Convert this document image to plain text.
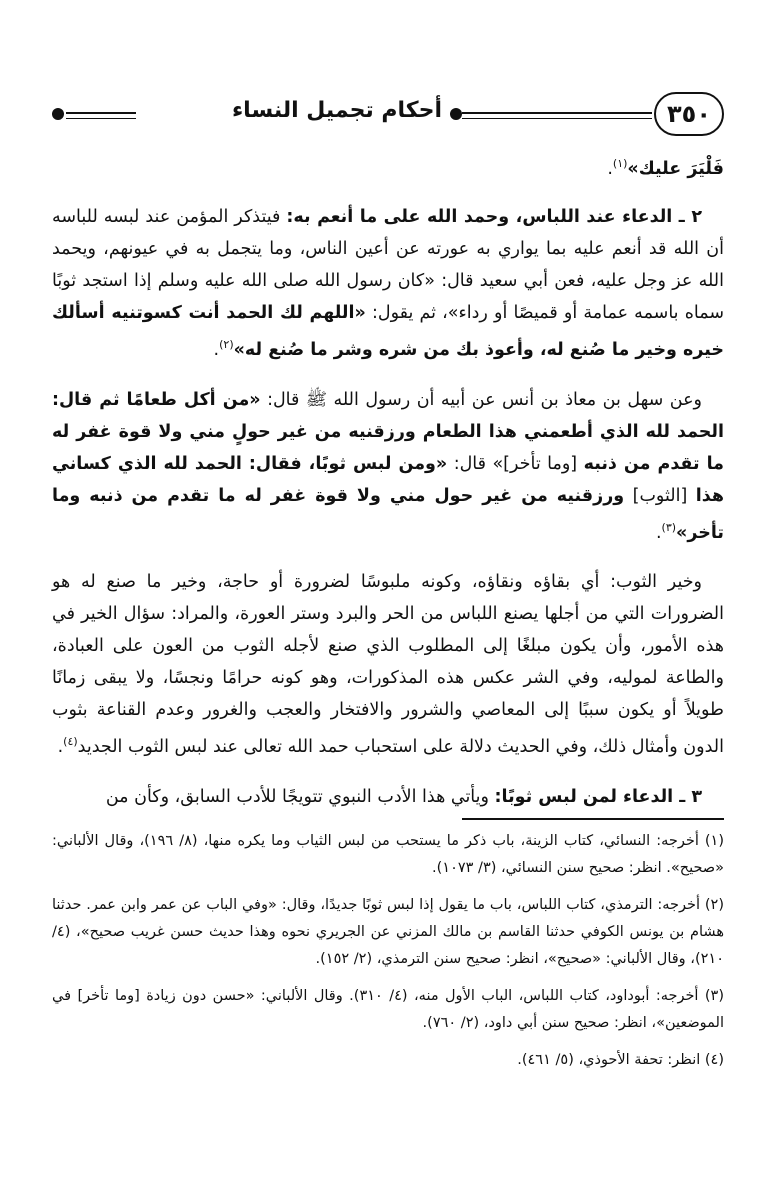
٣٥٠
أحكام تجميل النساء

فَلْيَرَ عليك»$^{(١)}$.

٢ ـ الدعاء عند اللباس، وحمد الله على ما أنعم به: فيتذكر المؤمن عند لبسه للباسه أن الله قد أنعم عليه بما يواري به عورته عن أعين الناس، وما يتجمل به في عيونهم، ويحمد الله عز وجل عليه، فعن أبي سعيد قال: «كان رسول الله صلى الله عليه وسلم إذا استجد ثوبًا سماه باسمه عمامة أو قميصًا أو رداء»، ثم يقول: «اللهم لك الحمد أنت كسوتنيه أسألك خيره وخير ما صُنع له، وأعوذ بك من شره وشر ما صُنع له»$^{(٢)}$.

وعن سهل بن معاذ بن أنس عن أبيه أن رسول الله ﷺ قال: «من أكل طعامًا ثم قال: الحمد لله الذي أطعمني هذا الطعام ورزقنيه من غير حولٍ مني ولا قوة غفر له ما تقدم من ذنبه [وما تأخر]» قال: «ومن لبس ثوبًا، فقال: الحمد لله الذي كساني هذا [الثوب] ورزقنيه من غير حول مني ولا قوة غفر له ما تقدم من ذنبه وما تأخر»$^{(٣)}$.

وخير الثوب: أي بقاؤه ونقاؤه، وكونه ملبوسًا لضرورة أو حاجة، وخير ما صنع له هو الضرورات التي من أجلها يصنع اللباس من الحر والبرد وستر العورة، والمراد: سؤال الخير في هذه الأمور، وأن يكون مبلغًا إلى المطلوب الذي صنع لأجله الثوب من العون على العبادة، والطاعة لموليه، وفي الشر عكس هذه المذكورات، وهو كونه حرامًا ونجسًا، ولا يبقى زمانًا طويلاً أو يكون سببًا إلى المعاصي والشرور والافتخار والعجب والغرور وعدم القناعة بثوب الدون وأمثال ذلك، وفي الحديث دلالة على استحباب حمد الله تعالى عند لبس الثوب الجديد$^{(٤)}$.

٣ ـ الدعاء لمن لبس ثوبًا: ويأتي هذا الأدب النبوي تتويجًا للأدب السابق، وكأن من

(١) أخرجه: النسائي، كتاب الزينة، باب ذكر ما يستحب من لبس الثياب وما يكره منها، (٨/ ١٩٦)، وقال الألباني: «صحيح». انظر: صحيح سنن النسائي، (٣/ ١٠٧٣).

(٢) أخرجه: الترمذي، كتاب اللباس، باب ما يقول إذا لبس ثوبًا جديدًا، وقال: «وفي الباب عن عمر وابن عمر. حدثنا هشام بن يونس الكوفي حدثنا القاسم بن مالك المزني عن الجريري نحوه وهذا حديث حسن غريب صحيح»، (٤/ ٢١٠)، وقال الألباني: «صحيح»، انظر: صحيح سنن الترمذي، (٢/ ١٥٢).

(٣) أخرجه: أبوداود، كتاب اللباس، الباب الأول منه، (٤/ ٣١٠). وقال الألباني: «حسن دون زيادة [وما تأخر] في الموضعين»، انظر: صحيح سنن أبي داود، (٢/ ٧٦٠).

(٤) انظر: تحفة الأحوذي، (٥/ ٤٦١).
